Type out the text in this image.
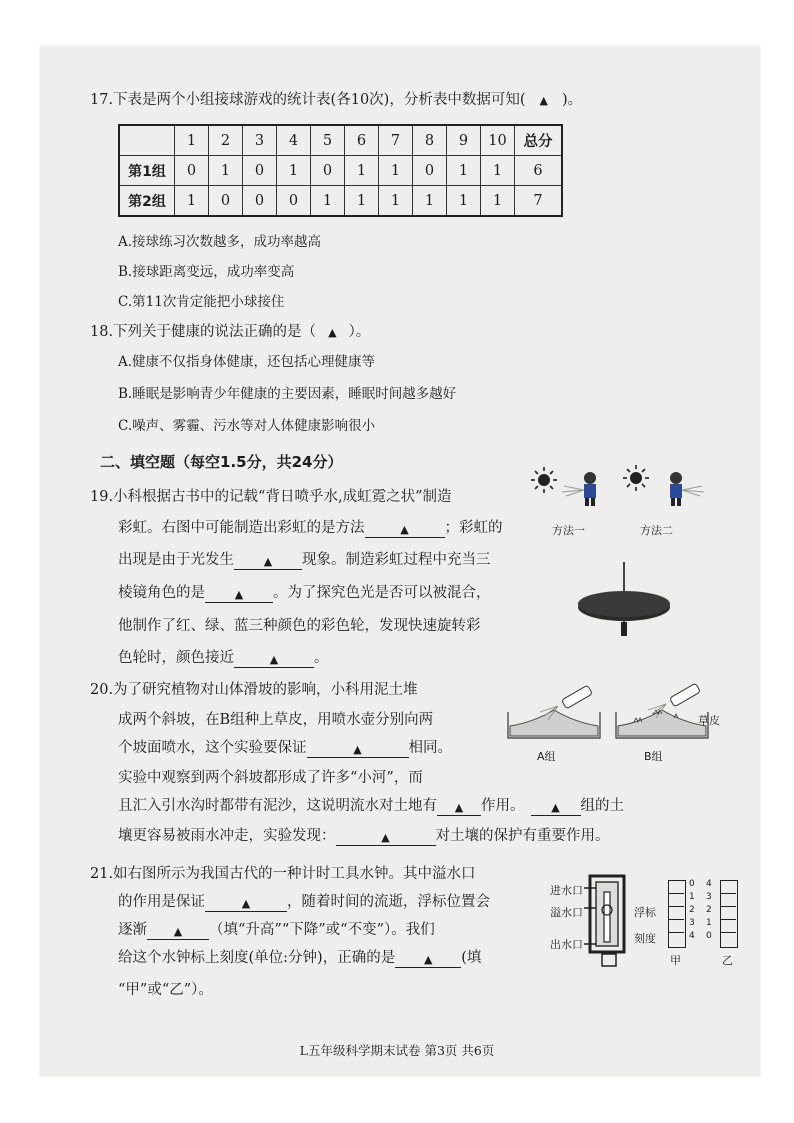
17.下表是两个小组接球游戏的统计表(各10次)，分析表中数据可知( ▲ )。
	1	2	3	4	5	6	7	8	9	10	总分
第1组	0	1	0	1	0	1	1	0	1	1	6
第2组	1	0	0	0	1	1	1	1	1	1	7
A.接球练习次数越多，成功率越高
B.接球距离变远，成功率变高
C.第11次肯定能把小球接住
18.下列关于健康的说法正确的是（ ▲ ）。
A.健康不仅指身体健康，还包括心理健康等
B.睡眠是影响青少年健康的主要因素，睡眠时间越多越好
C.噪声、雾霾、污水等对人体健康影响很小
二、填空题（每空1.5分，共24分）
19.小科根据古书中的记载“背日喷乎水,成虹霓之状”制造
彩虹。右图中可能制造出彩虹的是方法	▲ ；彩虹的
出现是由于光发生	▲ 现象。制造彩虹过程中充当三
棱镜角色的是	▲ 。为了探究色光是否可以被混合，
他制作了红、绿、蓝三种颜色的彩色轮，发现快速旋转彩
色轮时，颜色接近	▲ 。
方法一	方法二
20.为了研究植物对山体滑坡的影响，小科用泥土堆
成两个斜坡，在B组种上草皮，用喷水壶分别向两
个坡面喷水，这个实验要保证	▲	相同。
实验中观察到两个斜坡都形成了许多“小河”，而
且汇入引水沟时都带有泥沙，这说明流水对土地有 ▲ 作用。 ▲ 组的土
壤更容易被雨水冲走，实验发现：	▲	对土壤的保护有重要作用。
A组	B组
草皮
21.如右图所示为我国古代的一种计时工具水钟。其中溢水口
的作用是保证	▲	，随着时间的流逝，浮标位置会
逐渐 ▲ （填“升高”“下降”或“不变”）。我们
给这个水钟标上刻度(单位:分钟)，正确的是	▲ (填
“甲”或“乙”）。
进水口
溢水口
出水口
浮标
刻度
0
1
2
3
4
甲
4
3
2
1
0
乙
L五年级科学期末试卷 第3页 共6页
